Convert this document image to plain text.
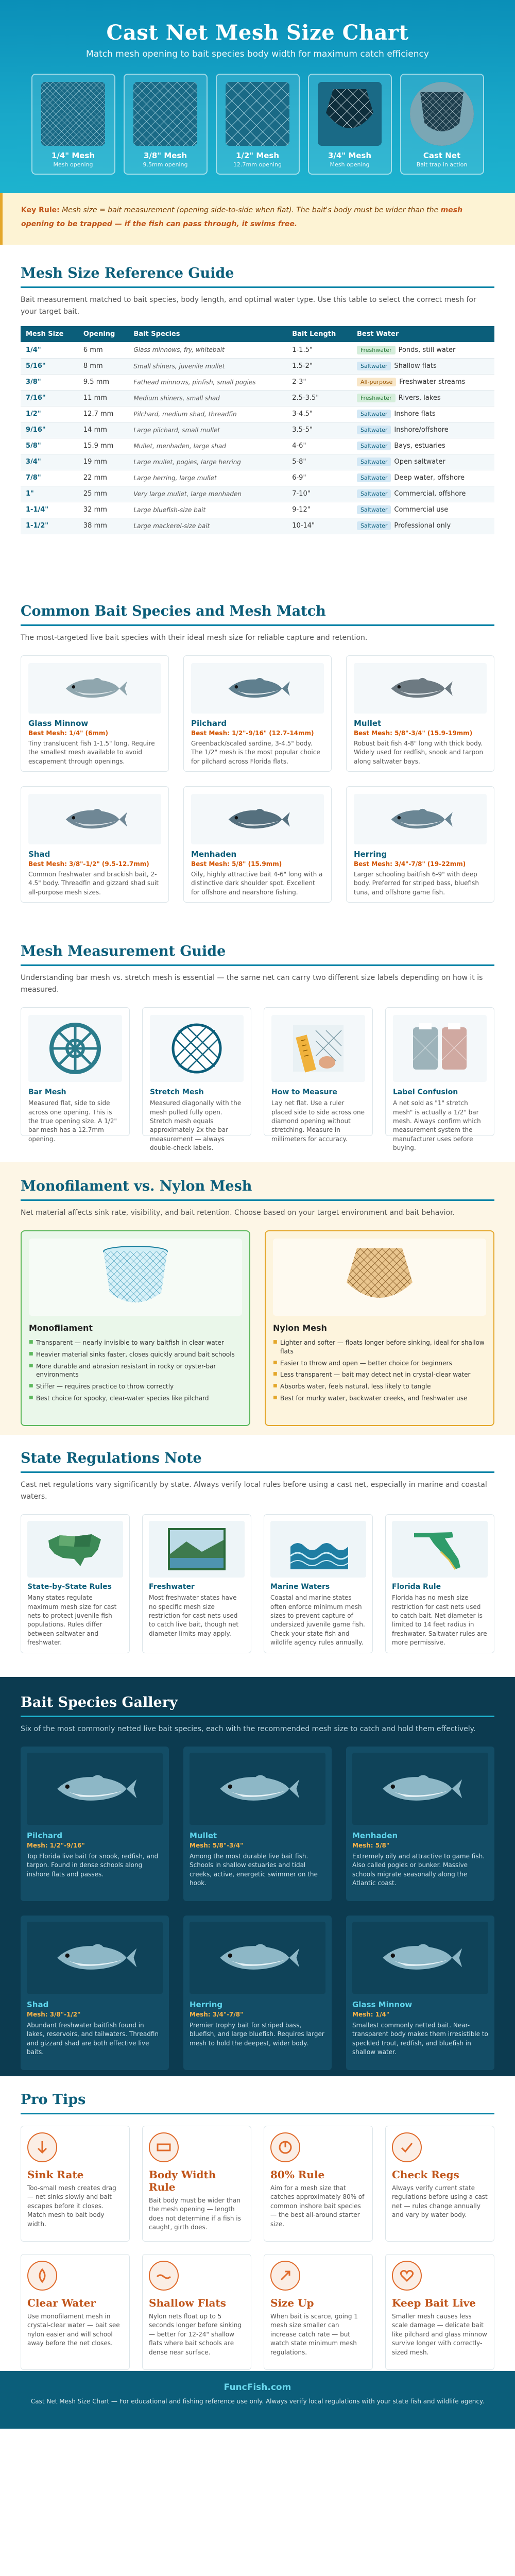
Cast Net Mesh Size Chart
Match mesh opening to bait species body width for maximum catch efficiency
1/4" Mesh
Mesh opening
3/8" Mesh
9.5mm opening
1/2" Mesh
12.7mm opening
3/4" Mesh
Mesh opening
Cast Net
Bait trap in action
Key Rule: Mesh size = bait measurement (opening side-to-side when flat). The bait's body must be wider than the mesh opening to be trapped — if the fish can pass through, it swims free.
Mesh Size Reference Guide
Bait measurement matched to bait species, body length, and optimal water type. Use this table to select the correct mesh for your target bait.
Mesh Size	Opening	Bait Species	Bait Length	Best Water
1/4"	6 mm	Glass minnows, fry, whitebait	1-1.5"	Freshwater Ponds, still water
5/16"	8 mm	Small shiners, juvenile mullet	1.5-2"	Saltwater Shallow flats
3/8"	9.5 mm	Fathead minnows, pinfish, small pogies	2-3"	All-purpose Freshwater streams
7/16"	11 mm	Medium shiners, small shad	2.5-3.5"	Freshwater Rivers, lakes
1/2"	12.7 mm	Pilchard, medium shad, threadfin	3-4.5"	Saltwater Inshore flats
9/16"	14 mm	Large pilchard, small mullet	3.5-5"	Saltwater Inshore/offshore
5/8"	15.9 mm	Mullet, menhaden, large shad	4-6"	Saltwater Bays, estuaries
3/4"	19 mm	Large mullet, pogies, large herring	5-8"	Saltwater Open saltwater
7/8"	22 mm	Large herring, large mullet	6-9"	Saltwater Deep water, offshore
1"	25 mm	Very large mullet, large menhaden	7-10"	Saltwater Commercial, offshore
1-1/4"	32 mm	Large bluefish-size bait	9-12"	Saltwater Commercial use
1-1/2"	38 mm	Large mackerel-size bait	10-14"	Saltwater Professional only
Common Bait Species and Mesh Match
The most-targeted live bait species with their ideal mesh size for reliable capture and retention.
Glass Minnow
Best Mesh: 1/4" (6mm)
Tiny translucent fish 1-1.5" long. Require the smallest mesh available to avoid escapement through openings.
Pilchard
Best Mesh: 1/2"-9/16" (12.7-14mm)
Greenback/scaled sardine, 3-4.5" body. The 1/2" mesh is the most popular choice for pilchard across Florida flats.
Mullet
Best Mesh: 5/8"-3/4" (15.9-19mm)
Robust bait fish 4-8" long with thick body. Widely used for redfish, snook and tarpon along saltwater bays.
Shad
Best Mesh: 3/8"-1/2" (9.5-12.7mm)
Common freshwater and brackish bait, 2-4.5" body. Threadfin and gizzard shad suit all-purpose mesh sizes.
Menhaden
Best Mesh: 5/8" (15.9mm)
Oily, highly attractive bait 4-6" long with a distinctive dark shoulder spot. Excellent for offshore and nearshore fishing.
Herring
Best Mesh: 3/4"-7/8" (19-22mm)
Larger schooling baitfish 6-9" with deep body. Preferred for striped bass, bluefish tuna, and offshore game fish.
Mesh Measurement Guide
Understanding bar mesh vs. stretch mesh is essential — the same net can carry two different size labels depending on how it is measured.
Bar Mesh
Measured flat, side to side across one opening. This is the true opening size. A 1/2" bar mesh has a 12.7mm opening.
Stretch Mesh
Measured diagonally with the mesh pulled fully open. Stretch mesh equals approximately 2x the bar measurement — always double-check labels.
How to Measure
Lay net flat. Use a ruler placed side to side across one diamond opening without stretching. Measure in millimeters for accuracy.
Label Confusion
A net sold as "1" stretch mesh" is actually a 1/2" bar mesh. Always confirm which measurement system the manufacturer uses before buying.
Monofilament vs. Nylon Mesh
Net material affects sink rate, visibility, and bait retention. Choose based on your target environment and bait behavior.
Monofilament
■ Transparent — nearly invisible to wary baitfish in clear water
■ Heavier material sinks faster, closes quickly around bait schools
■ More durable and abrasion resistant in rocky or oyster-bar environments
■ Stiffer — requires practice to throw correctly
■ Best choice for spooky, clear-water species like pilchard
Nylon Mesh
■ Lighter and softer — floats longer before sinking, ideal for shallow flats
■ Easier to throw and open — better choice for beginners
■ Less transparent — bait may detect net in crystal-clear water
■ Absorbs water, feels natural, less likely to tangle
■ Best for murky water, backwater creeks, and freshwater use
State Regulations Note
Cast net regulations vary significantly by state. Always verify local rules before using a cast net, especially in marine and coastal waters.
State-by-State Rules
Many states regulate maximum mesh size for cast nets to protect juvenile fish populations. Rules differ between saltwater and freshwater.
Freshwater
Most freshwater states have no specific mesh size restriction for cast nets used to catch live bait, though net diameter limits may apply.
Marine Waters
Coastal and marine states often enforce minimum mesh sizes to prevent capture of undersized juvenile game fish. Check your state fish and wildlife agency rules annually.
Florida Rule
Florida has no mesh size restriction for cast nets used to catch bait. Net diameter is limited to 14 feet radius in freshwater. Saltwater rules are more permissive.
Bait Species Gallery
Six of the most commonly netted live bait species, each with the recommended mesh size to catch and hold them effectively.
Pilchard
Mesh: 1/2"-9/16"
Top Florida live bait for snook, redfish, and tarpon. Found in dense schools along inshore flats and passes.
Mullet
Mesh: 5/8"-3/4"
Among the most durable live bait fish. Schools in shallow estuaries and tidal creeks, active, energetic swimmer on the hook.
Menhaden
Mesh: 5/8"
Extremely oily and attractive to game fish. Also called pogies or bunker. Massive schools migrate seasonally along the Atlantic coast.
Shad
Mesh: 3/8"-1/2"
Abundant freshwater baitfish found in lakes, reservoirs, and tailwaters. Threadfin and gizzard shad are both effective live baits.
Herring
Mesh: 3/4"-7/8"
Premier trophy bait for striped bass, bluefish, and large bluefish. Requires larger mesh to hold the deepest, wider body.
Glass Minnow
Mesh: 1/4"
Smallest commonly netted bait. Near-transparent body makes them irresistible to speckled trout, redfish, and bluefish in shallow water.
Pro Tips
Sink Rate
Too-small mesh creates drag — net sinks slowly and bait escapes before it closes. Match mesh to bait body width.
Body Width Rule
Bait body must be wider than the mesh opening — length does not determine if a fish is caught, girth does.
80% Rule
Aim for a mesh size that catches approximately 80% of common inshore bait species — the best all-around starter size.
Check Regs
Always verify current state regulations before using a cast net — rules change annually and vary by water body.
Clear Water
Use monofilament mesh in crystal-clear water — bait see nylon easier and will school away before the net closes.
Shallow Flats
Nylon nets float up to 5 seconds longer before sinking — better for 12-24" shallow flats where bait schools are dense near surface.
Size Up
When bait is scarce, going 1 mesh size smaller can increase catch rate — but watch state minimum mesh regulations.
Keep Bait Live
Smaller mesh causes less scale damage — delicate bait like pilchard and glass minnow survive longer with correctly-sized mesh.
FuncFish.com
Cast Net Mesh Size Chart — For educational and fishing reference use only. Always verify local regulations with your state fish and wildlife agency.
